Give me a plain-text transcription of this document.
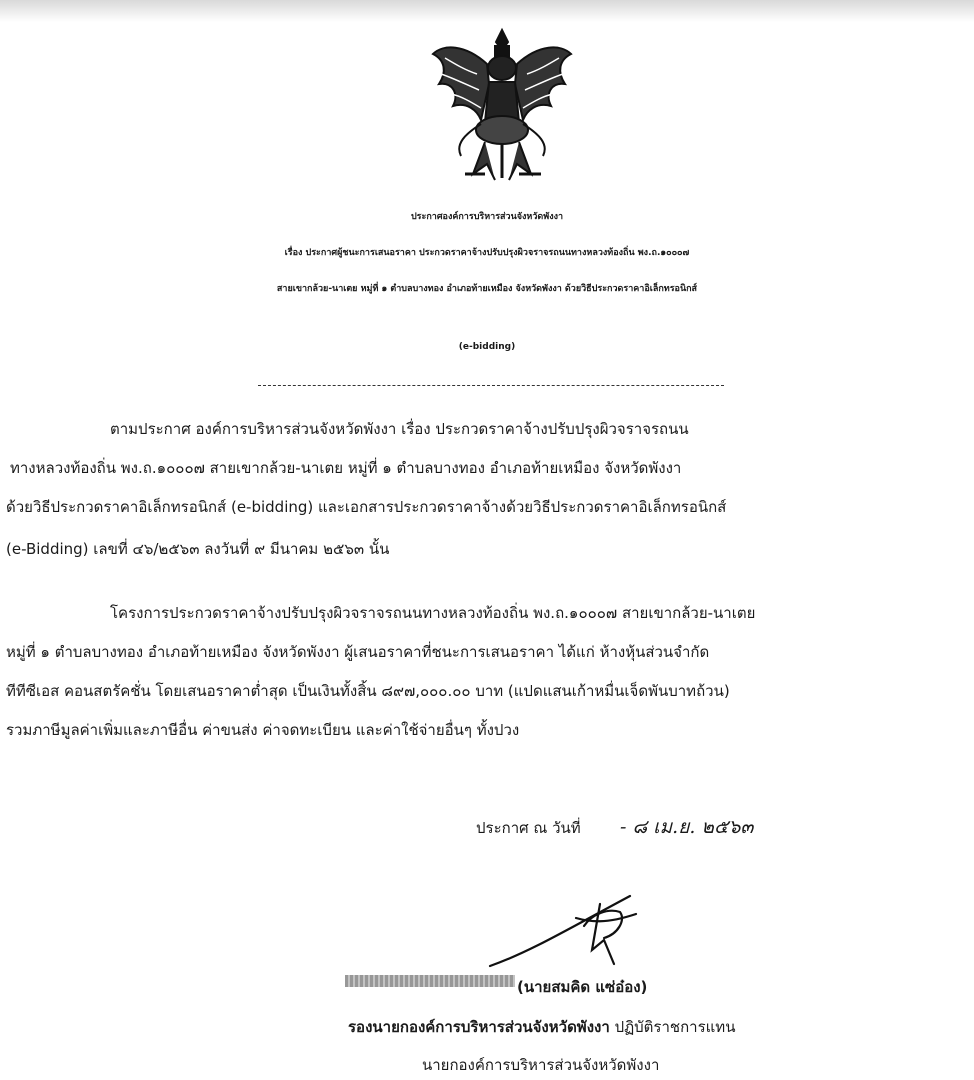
ประกาศองค์การบริหารส่วนจังหวัดพังงา
เรื่อง ประกาศผู้ชนะการเสนอราคา ประกวดราคาจ้างปรับปรุงผิวจราจรถนนทางหลวงท้องถิ่น พง.ถ.๑๐๐๐๗
สายเขากล้วย-นาเตย หมู่ที่ ๑ ตำบลบางทอง อำเภอท้ายเหมือง จังหวัดพังงา ด้วยวิธีประกวดราคาอิเล็กทรอนิกส์
(e-bidding)
ตามประกาศ องค์การบริหารส่วนจังหวัดพังงา เรื่อง ประกวดราคาจ้างปรับปรุงผิวจราจรถนน
ทางหลวงท้องถิ่น พง.ถ.๑๐๐๐๗ สายเขากล้วย-นาเตย หมู่ที่ ๑ ตำบลบางทอง อำเภอท้ายเหมือง จังหวัดพังงา
ด้วยวิธีประกวดราคาอิเล็กทรอนิกส์ (e-bidding) และเอกสารประกวดราคาจ้างด้วยวิธีประกวดราคาอิเล็กทรอนิกส์
(e-Bidding) เลขที่ ๔๖/๒๕๖๓ ลงวันที่ ๙ มีนาคม ๒๕๖๓ นั้น
โครงการประกวดราคาจ้างปรับปรุงผิวจราจรถนนทางหลวงท้องถิ่น พง.ถ.๑๐๐๐๗ สายเขากล้วย-นาเตย
หมู่ที่ ๑ ตำบลบางทอง อำเภอท้ายเหมือง จังหวัดพังงา ผู้เสนอราคาที่ชนะการเสนอราคา ได้แก่ ห้างหุ้นส่วนจำกัด
ทีทีซีเอส คอนสตรัคชั่น โดยเสนอราคาต่ำสุด เป็นเงินทั้งสิ้น ๘๙๗,๐๐๐.๐๐ บาท (แปดแสนเก้าหมื่นเจ็ดพันบาทถ้วน)
รวมภาษีมูลค่าเพิ่มและภาษีอื่น ค่าขนส่ง ค่าจดทะเบียน และค่าใช้จ่ายอื่นๆ ทั้งปวง
ประกาศ ณ วันที่ - ๘ เม.ย. ๒๕๖๓
(นายสมคิด แซ่อ๋อง)
รองนายกองค์การบริหารส่วนจังหวัดพังงา ปฏิบัติราชการแทน
นายกองค์การบริหารส่วนจังหวัดพังงา
